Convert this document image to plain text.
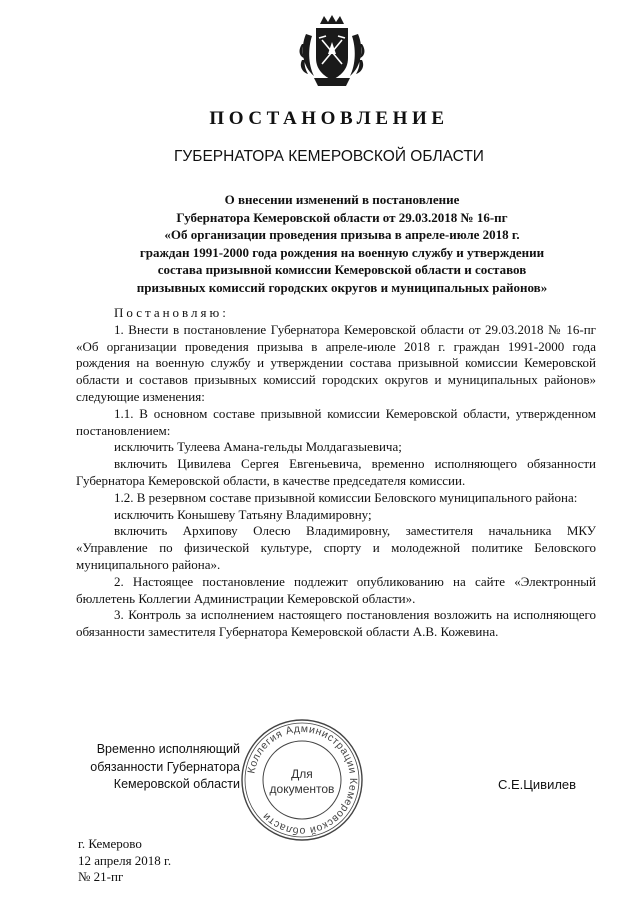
ПОСТАНОВЛЕНИЕ
ГУБЕРНАТОРА КЕМЕРОВСКОЙ ОБЛАСТИ
О внесении изменений в постановление
Губернатора Кемеровской области от 29.03.2018 № 16-пг
«Об организации проведения призыва в апреле-июле 2018 г.
граждан 1991-2000 года рождения на военную службу и утверждении
состава призывной комиссии Кемеровской области и составов
призывных комиссий городских округов и муниципальных районов»
Постановляю:
1. Внести в постановление Губернатора Кемеровской области от 29.03.2018 № 16-пг «Об организации проведения призыва в апреле-июле 2018 г. граждан 1991-2000 года рождения на военную службу и утверждении состава призывной комиссии Кемеровской области и составов призывных комиссий городских округов и муниципальных районов» следующие изменения:
1.1. В основном составе призывной комиссии Кемеровской области, утвержденном постановлением:
исключить Тулеева Амана-гельды Молдагазыевича;
включить Цивилева Сергея Евгеньевича, временно исполняющего обязанности Губернатора Кемеровской области, в качестве председателя комиссии.
1.2. В резервном составе призывной комиссии Беловского муниципального района:
исключить Конышеву Татьяну Владимировну;
включить Архипову Олесю Владимировну, заместителя начальника МКУ «Управление по физической культуре, спорту и молодежной политике Беловского муниципального района».
2. Настоящее постановление подлежит опубликованию на сайте «Электронный бюллетень Коллегии Администрации Кемеровской области».
3. Контроль за исполнением настоящего постановления возложить на исполняющего обязанности заместителя Губернатора Кемеровской области А.В. Кожевина.
Временно исполняющий
обязанности Губернатора
Кемеровской области
Коллегия Администрации Кемеровской области
Для
документов	С.Е.Цивилев
г. Кемерово
12 апреля 2018 г.
№ 21-пг
